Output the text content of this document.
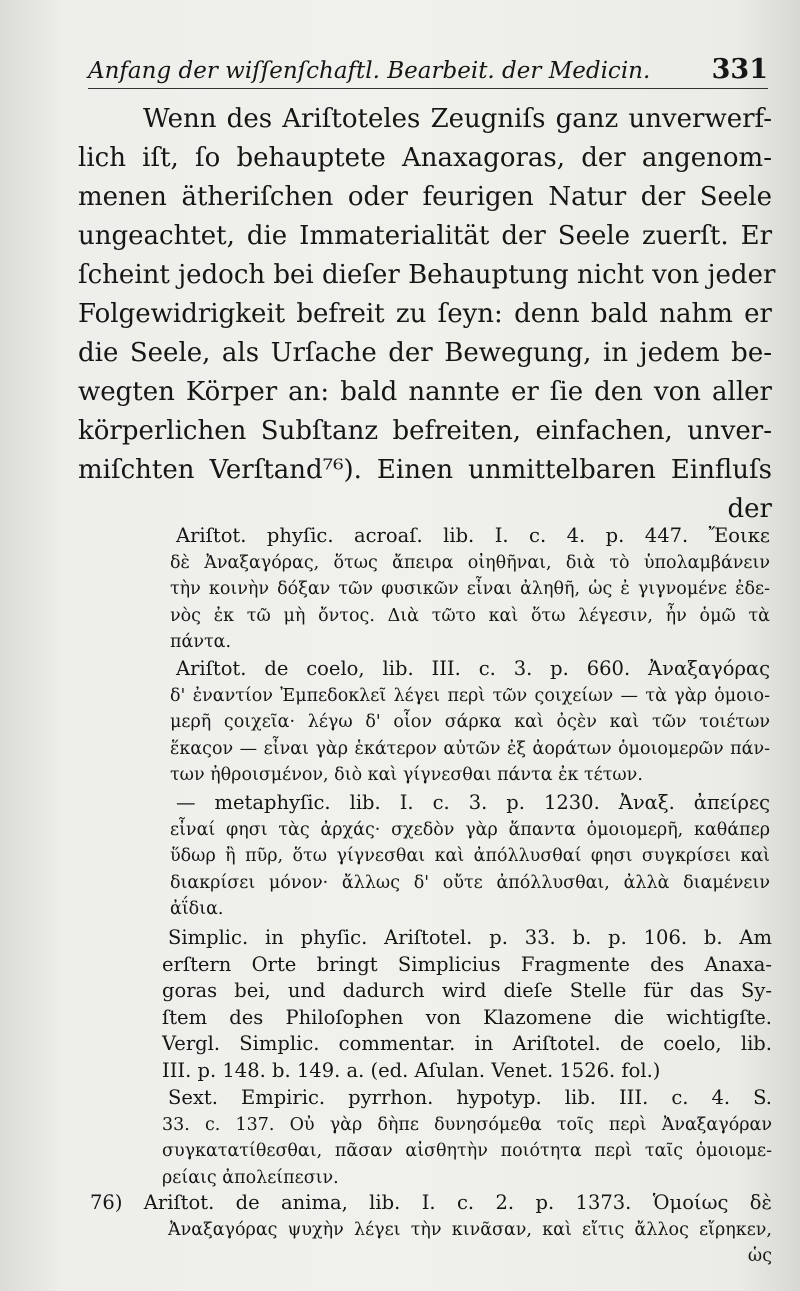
Anfang der wiſſenſchaftl. Bearbeit. der Medicin. 331
Wenn des Ariſtoteles Zeugniſs ganz unverwerf-
lich iſt, ſo behauptete Anaxagoras, der angenom-
menen ätheriſchen oder feurigen Natur der Seele
ungeachtet, die Immaterialität der Seele zuerſt. Er
ſcheint jedoch bei dieſer Behauptung nicht von jeder
Folgewidrigkeit befreit zu ſeyn: denn bald nahm er
die Seele, als Urſache der Bewegung, in jedem be-
wegten Körper an: bald nannte er ſie den von aller
körperlichen Subſtanz befreiten, einfachen, unver-
miſchten Verſtand⁷⁶). Einen unmittelbaren Einfluſs
der
Ariſtot. phyſic. acroaſ. lib. I. c. 4. p. 447. Ἔοικε
δὲ Ἀναξαγόρας, ὅτως ἄπειρα οἰηθῆναι, διὰ τὸ ὑπολαμβάνειν
τὴν κοινὴν δόξαν τῶν φυσικῶν εἶναι ἀληθῆ, ὡς ἐ γιγνομένε ἐδε-
νὸς ἐκ τῶ μὴ ὄντος. Διὰ τῶτο καὶ ὅτω λέγεσιν, ἦν ὁμῶ τὰ
πάντα.
Ariſtot. de coelo, lib. III. c. 3. p. 660. Ἀναξαγόρας
δ' ἐναντίον Ἐμπεδοκλεῖ λέγει περὶ τῶν ςοιχείων — τὰ γὰρ ὁμοιο-
μερῆ ςοιχεῖα· λέγω δ' οἷον σάρκα καὶ ὀςὲν καὶ τῶν τοιέτων
ἕκαςον — εἶναι γὰρ ἑκάτερον αὐτῶν ἐξ ἀοράτων ὁμοιομερῶν πάν-
των ἠθροισμένον, διὸ καὶ γίγνεσθαι πάντα ἐκ τέτων.
— metaphyſic. lib. I. c. 3. p. 1230. Ἀναξ. ἀπείρες
εἶναί φησι τὰς ἀρχάς· σχεδὸν γὰρ ἅπαντα ὁμοιομερῆ, καθάπερ
ὕδωρ ἢ πῦρ, ὅτω γίγνεσθαι καὶ ἀπόλλυσθαί φησι συγκρίσει καὶ
διακρίσει μόνον· ἄλλως δ' οὔτε ἀπόλλυσθαι, ἀλλὰ διαμένειν
ἀΐδια.
Simplic. in phyſic. Ariſtotel. p. 33. b. p. 106. b. Am
erſtern Orte bringt Simplicius Fragmente des Anaxa-
goras bei, und dadurch wird dieſe Stelle für das Sy-
ſtem des Philoſophen von Klazomene die wichtigſte.
Vergl. Simplic. commentar. in Ariſtotel. de coelo, lib.
III. p. 148. b. 149. a. (ed. Aſulan. Venet. 1526. fol.)
Sext. Empiric. pyrrhon. hypotyp. lib. III. c. 4. S.
33. c. 137. Οὐ γὰρ δὴπε δυνησόμεθα τοῖς περὶ Ἀναξαγόραν
συγκατατίθεσθαι, πᾶσαν αἰσθητὴν ποιότητα περὶ ταῖς ὁμοιομε-
ρείαις ἀπολείπεσιν.
76) Ariſtot. de anima, lib. I. c. 2. p. 1373. Ὁμοίως δὲ
Ἀναξαγόρας ψυχὴν λέγει τὴν κινᾶσαν, καὶ εἴτις ἄλλος εἴρηκεν,
ὡς
